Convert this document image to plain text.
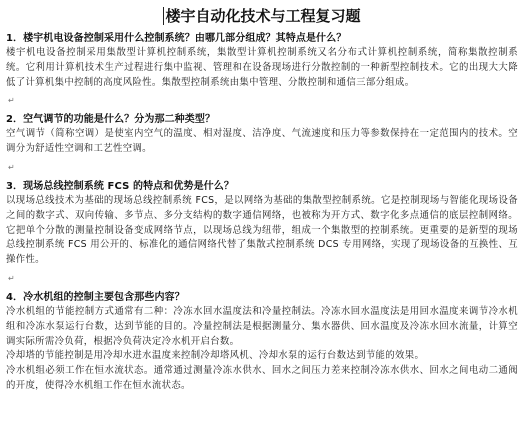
楼宇自动化技术与工程复习题
1．楼宇机电设备控制采用什么控制系统？由哪几部分组成？其特点是什么？
楼宇机电设备控制采用集散型计算机控制系统，集散型计算机控制系统又名分布式计算机控制系统，简称集散控制系统。它利用计算机技术生产过程进行集中监视、管理和在设备现场进行分散控制的一种新型控制技术。它的出现大大降低了计算机集中控制的高度风险性。集散型控制系统由集中管理、分散控制和通信三部分组成。
↵
2．空气调节的功能是什么？分为那二种类型？
空气调节（简称空调）是使室内空气的温度、相对湿度、洁净度、气流速度和压力等参数保持在一定范围内的技术。空调分为舒适性空调和工艺性空调。
↵
3．现场总线控制系统 FCS 的特点和优势是什么？
以现场总线技术为基础的现场总线控制系统 FCS，是以网络为基础的集散型控制系统。它是控制现场与智能化现场设备之间的数字式、双向传输、多节点、多分支结构的数字通信网络，也被称为开方式、数字化多点通信的底层控制网络。它把单个分散的测量控制设备变成网络节点，以现场总线为纽带，组成一个集散型的控制系统。更重要的是新型的现场总线控制系统 FCS 用公开的、标准化的通信网络代替了集散式控制系统 DCS 专用网络，实现了现场设备的互换性、互操作性。
↵
4．冷水机组的控制主要包含那些内容？
冷水机组的节能控制方式通常有二种：冷冻水回水温度法和冷量控制法。冷冻水回水温度法是用回水温度来调节冷水机组和冷冻水泵运行台数，达到节能的目的。冷量控制法是根据测量分、集水器供、回水温度及冷冻水回水流量，计算空调实际所需冷负荷，根据冷负荷决定冷水机开启台数。
冷却塔的节能控制是用冷却水进水温度来控制冷却塔风机、冷却水泵的运行台数达到节能的效果。
冷水机组必须工作在恒水流状态。通常通过测量冷冻水供水、回水之间压力差来控制冷冻水供水、回水之间电动二通阀的开度，使得冷水机组工作在恒水流状态。
